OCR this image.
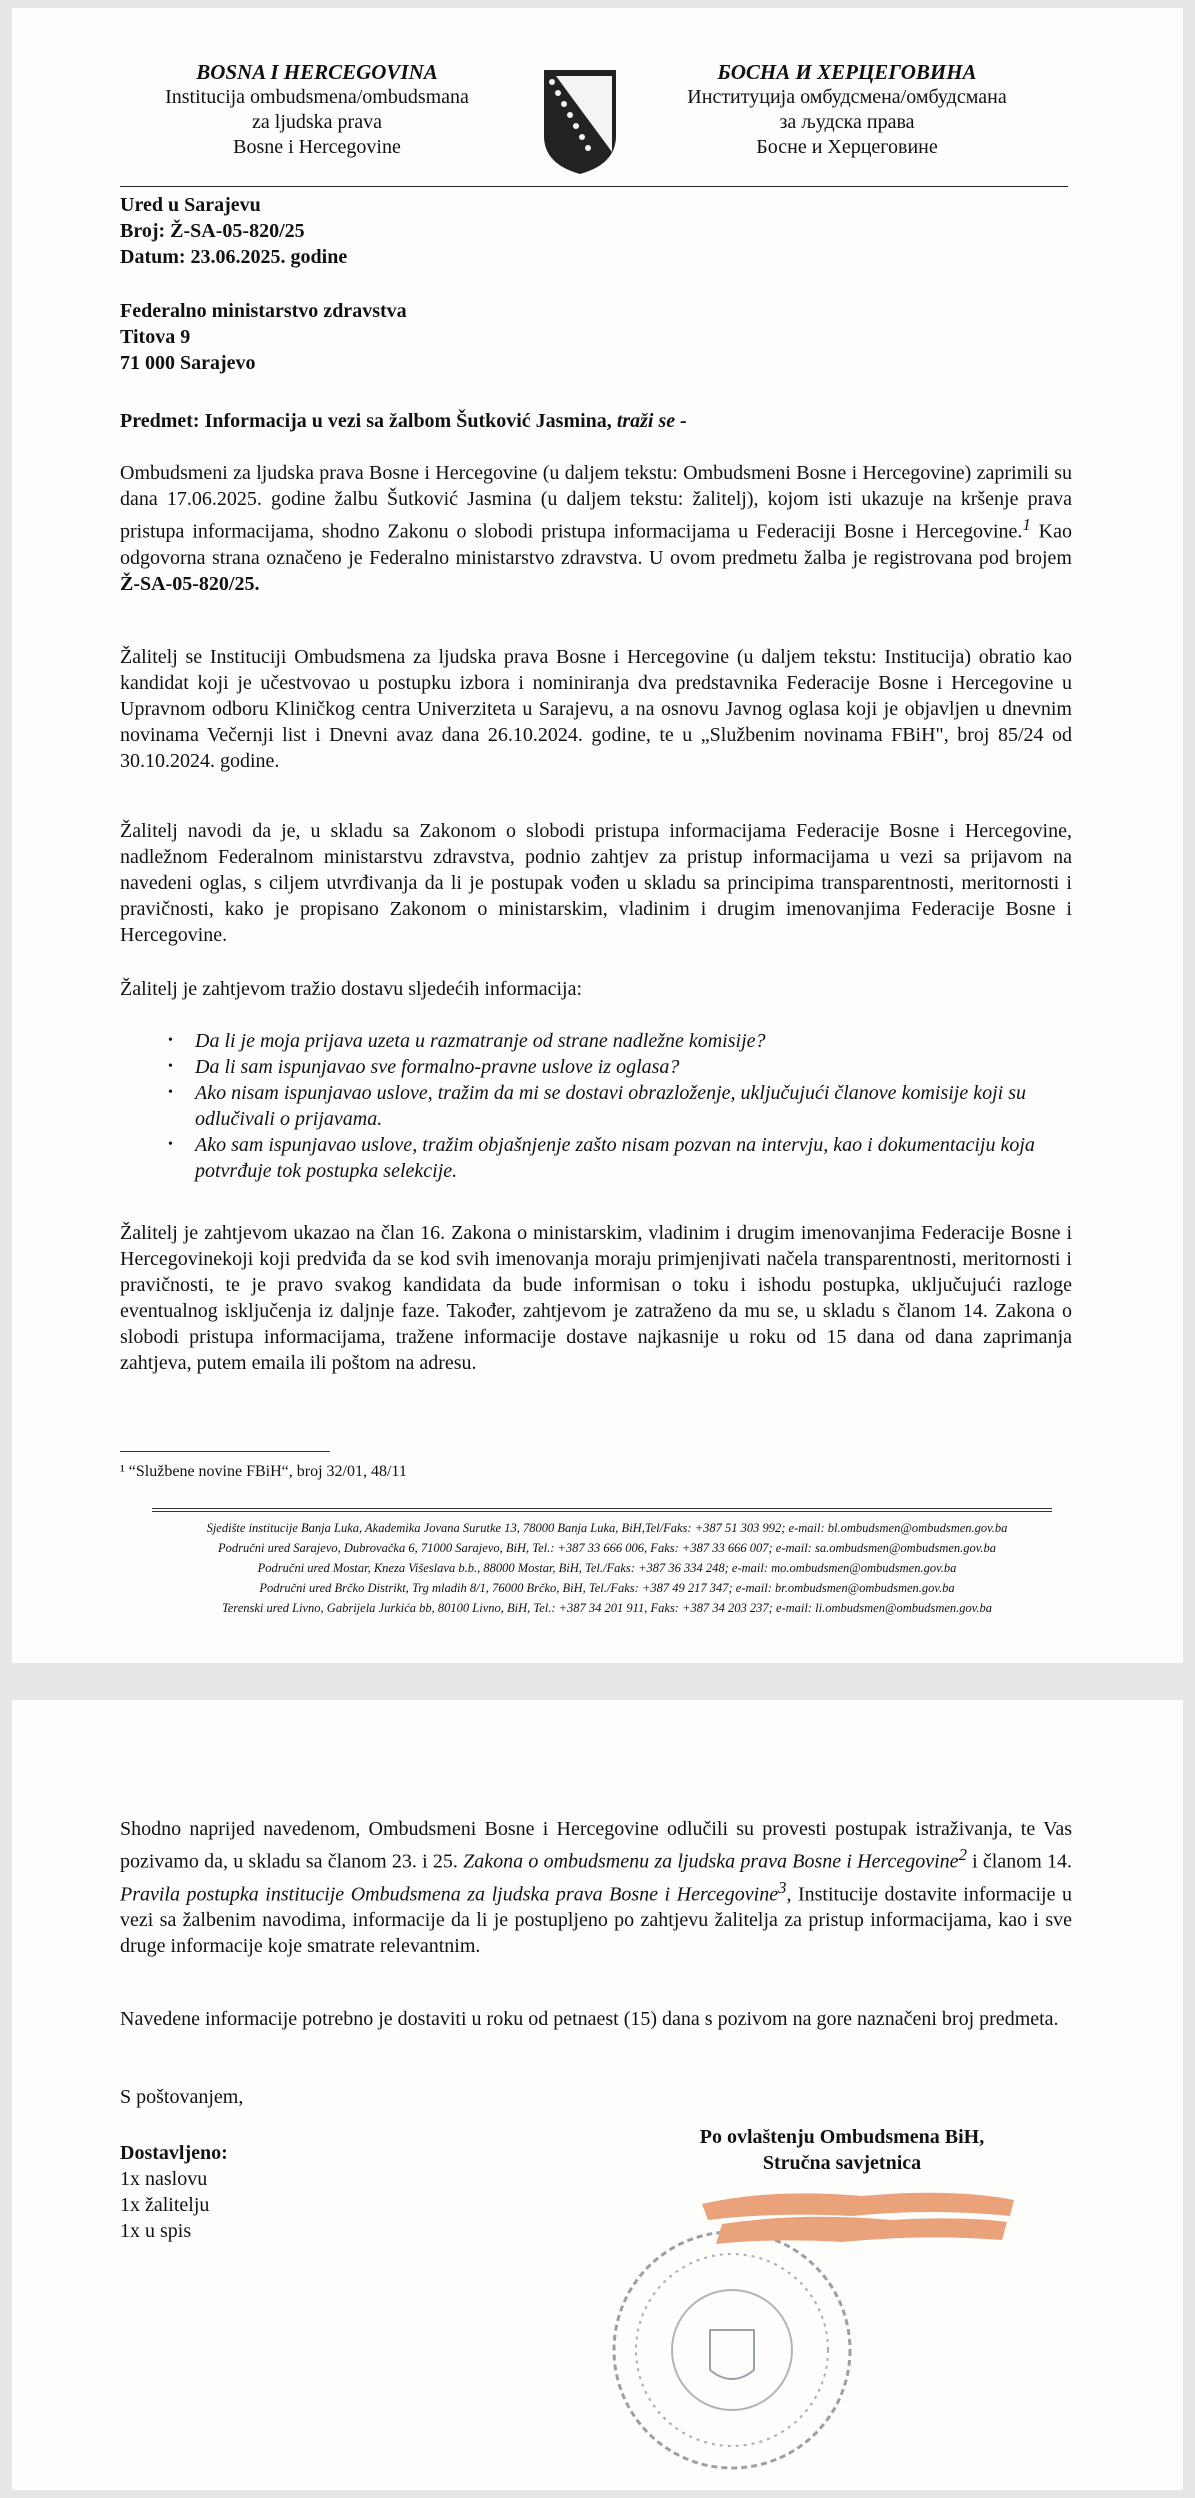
BOSNA I HERCEGOVINA
Institucija ombudsmena/ombudsmana
za ljudska prava
Bosne i Hercegovine
БОСНА И ХЕРЦЕГОВИНА
Институција омбудсмена/омбудсмана
за људска права
Босне и Херцеговине
Ured u Sarajevu
Broj: Ž-SA-05-820/25
Datum: 23.06.2025. godine
Federalno ministarstvo zdravstva
Titova 9
71 000 Sarajevo
Predmet: Informacija u vezi sa žalbom Šutković Jasmina, traži se -
Ombudsmeni za ljudska prava Bosne i Hercegovine (u daljem tekstu: Ombudsmeni Bosne i Hercegovine) zaprimili su dana 17.06.2025. godine žalbu Šutković Jasmina (u daljem tekstu: žalitelj), kojom isti ukazuje na kršenje prava pristupa informacijama, shodno Zakonu o slobodi pristupa informacijama u Federaciji Bosne i Hercegovine.$^1$ Kao odgovorna strana označeno je Federalno ministarstvo zdravstva. U ovom predmetu žalba je registrovana pod brojem Ž-SA-05-820/25.
Žalitelj se Instituciji Ombudsmena za ljudska prava Bosne i Hercegovine (u daljem tekstu: Institucija) obratio kao kandidat koji je učestvovao u postupku izbora i nominiranja dva predstavnika Federacije Bosne i Hercegovine u Upravnom odboru Kliničkog centra Univerziteta u Sarajevu, a na osnovu Javnog oglasa koji je objavljen u dnevnim novinama Večernji list i Dnevni avaz dana 26.10.2024. godine, te u „Službenim novinama FBiH", broj 85/24 od 30.10.2024. godine.
Žalitelj navodi da je, u skladu sa Zakonom o slobodi pristupa informacijama Federacije Bosne i Hercegovine, nadležnom Federalnom ministarstvu zdravstva, podnio zahtjev za pristup informacijama u vezi sa prijavom na navedeni oglas, s ciljem utvrđivanja da li je postupak vođen u skladu sa principima transparentnosti, meritornosti i pravičnosti, kako je propisano Zakonom o ministarskim, vladinim i drugim imenovanjima Federacije Bosne i Hercegovine.
Žalitelj je zahtjevom tražio dostavu sljedećih informacija:
• Da li je moja prijava uzeta u razmatranje od strane nadležne komisije?
• Da li sam ispunjavao sve formalno-pravne uslove iz oglasa?
• Ako nisam ispunjavao uslove, tražim da mi se dostavi obrazloženje, uključujući članove komisije koji su odlučivali o prijavama.
• Ako sam ispunjavao uslove, tražim objašnjenje zašto nisam pozvan na intervju, kao i dokumentaciju koja potvrđuje tok postupka selekcije.
Žalitelj je zahtjevom ukazao na član 16. Zakona o ministarskim, vladinim i drugim imenovanjima Federacije Bosne i Hercegovinekoji koji predviđa da se kod svih imenovanja moraju primjenjivati načela transparentnosti, meritornosti i pravičnosti, te je pravo svakog kandidata da bude informisan o toku i ishodu postupka, uključujući razloge eventualnog isključenja iz daljnje faze. Također, zahtjevom je zatraženo da mu se, u skladu s članom 14. Zakona o slobodi pristupa informacijama, tražene informacije dostave najkasnije u roku od 15 dana od dana zaprimanja zahtjeva, putem emaila ili poštom na adresu.
¹ “Službene novine FBiH“, broj 32/01, 48/11
Sjedište institucije Banja Luka, Akademika Jovana Surutke 13, 78000 Banja Luka, BiH,Tel/Faks: +387 51 303 992; e-mail: bl.ombudsmen@ombudsmen.gov.ba
Područni ured Sarajevo, Dubrovačka 6, 71000 Sarajevo, BiH, Tel.: +387 33 666 006, Faks: +387 33 666 007; e-mail: sa.ombudsmen@ombudsmen.gov.ba
Područni ured Mostar, Kneza Višeslava b.b., 88000 Mostar, BiH, Tel./Faks: +387 36 334 248; e-mail: mo.ombudsmen@ombudsmen.gov.ba
Područni ured Brčko Distrikt, Trg mladih 8/1, 76000 Brčko, BiH, Tel./Faks: +387 49 217 347; e-mail: br.ombudsmen@ombudsmen.gov.ba
Terenski ured Livno, Gabrijela Jurkića bb, 80100 Livno, BiH, Tel.: +387 34 201 911, Faks: +387 34 203 237; e-mail: li.ombudsmen@ombudsmen.gov.ba
Shodno naprijed navedenom, Ombudsmeni Bosne i Hercegovine odlučili su provesti postupak istraživanja, te Vas pozivamo da, u skladu sa članom 23. i 25. Zakona o ombudsmenu za ljudska prava Bosne i Hercegovine$^2$ i članom 14. Pravila postupka institucije Ombudsmena za ljudska prava Bosne i Hercegovine$^3$, Institucije dostavite informacije u vezi sa žalbenim navodima, informacije da li je postupljeno po zahtjevu žalitelja za pristup informacijama, kao i sve druge informacije koje smatrate relevantnim.
Navedene informacije potrebno je dostaviti u roku od petnaest (15) dana s pozivom na gore naznačeni broj predmeta.
S poštovanjem,
Dostavljeno:
1x naslovu
1x žalitelju
1x u spis
Po ovlaštenju Ombudsmena BiH,
Stručna savjetnica
